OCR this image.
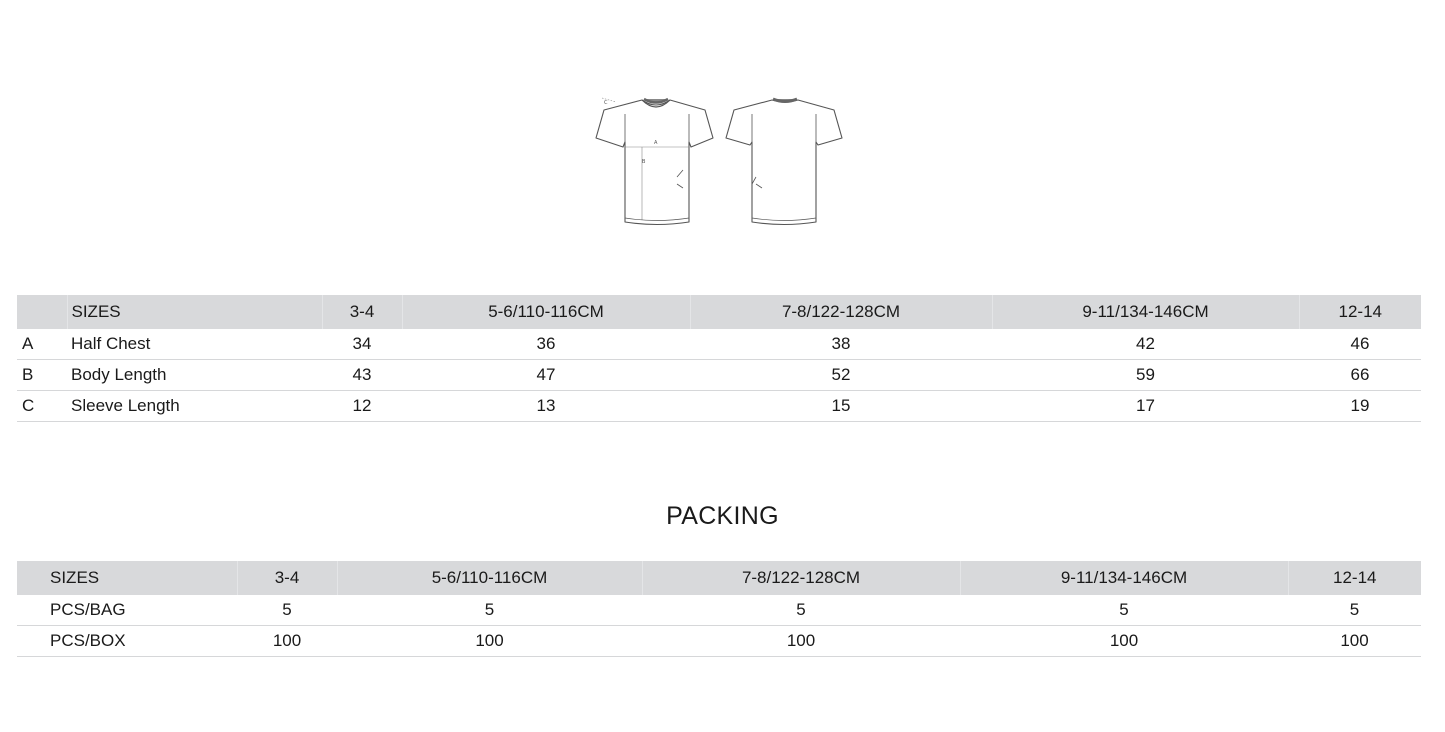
A
B
C
	SIZES	3-4	5-6/110-116CM	7-8/122-128CM	9-11/134-146CM	12-14
A	Half Chest	34	36	38	42	46
B	Body Length	43	47	52	59	66
C	Sleeve Length	12	13	15	17	19
PACKING
SIZES	3-4	5-6/110-116CM	7-8/122-128CM	9-11/134-146CM	12-14
PCS/BAG	5	5	5	5	5
PCS/BOX	100	100	100	100	100
